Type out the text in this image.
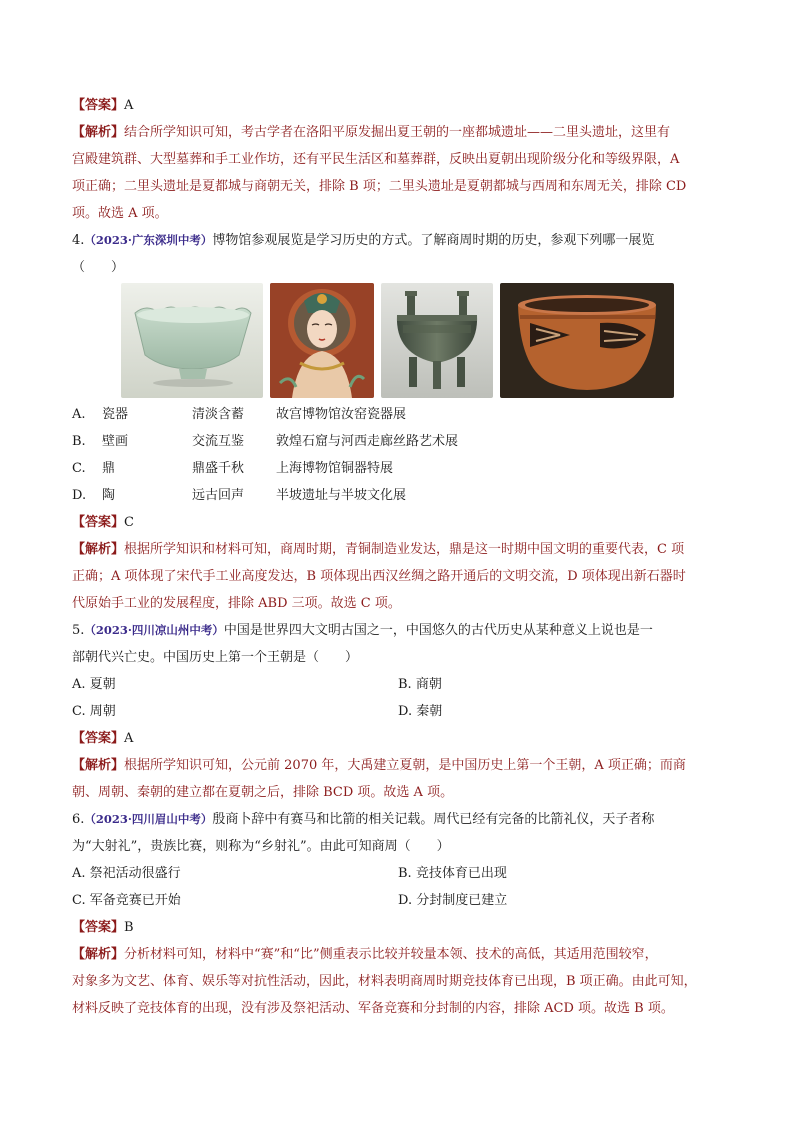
【答案】A

【解析】结合所学知识可知，考古学者在洛阳平原发掘出夏王朝的一座都城遗址——二里头遗址，这里有

宫殿建筑群、大型墓葬和手工业作坊，还有平民生活区和墓葬群，反映出夏朝出现阶级分化和等级界限，A

项正确；二里头遗址是夏都城与商朝无关，排除 B 项；二里头遗址是夏朝都城与西周和东周无关，排除 CD

项。故选 A 项。

4.（2023·广东深圳中考）博物馆参观展览是学习历史的方式。了解商周时期的历史，参观下列哪一展览

（　　）

A.	瓷器	清淡含蓄	故宫博物馆汝窑瓷器展
B.	壁画	交流互鉴	敦煌石窟与河西走廊丝路艺术展
C.	鼎	鼎盛千秋	上海博物馆铜器特展
D.	陶	远古回声	半坡遗址与半坡文化展

【答案】C

【解析】根据所学知识和材料可知，商周时期，青铜制造业发达，鼎是这一时期中国文明的重要代表，C 项

正确；A 项体现了宋代手工业高度发达，B 项体现出西汉丝绸之路开通后的文明交流，D 项体现出新石器时

代原始手工业的发展程度，排除 ABD 三项。故选 C 项。

5.（2023·四川凉山州中考）中国是世界四大文明古国之一，中国悠久的古代历史从某种意义上说也是一

部朝代兴亡史。中国历史上第一个王朝是（　　）

A. 夏朝	B. 商朝
C. 周朝	D. 秦朝

【答案】A

【解析】根据所学知识可知，公元前 2070 年，大禹建立夏朝，是中国历史上第一个王朝，A 项正确；而商

朝、周朝、秦朝的建立都在夏朝之后，排除 BCD 项。故选 A 项。

6.（2023·四川眉山中考）殷商卜辞中有赛马和比箭的相关记载。周代已经有完备的比箭礼仪，天子者称

为“大射礼”，贵族比赛，则称为“乡射礼”。由此可知商周（　　）

A. 祭祀活动很盛行	B. 竞技体育已出现
C. 军备竞赛已开始	D. 分封制度已建立

【答案】B

【解析】分析材料可知，材料中“赛”和“比”侧重表示比较并较量本领、技术的高低，其适用范围较窄，

对象多为文艺、体育、娱乐等对抗性活动，因此，材料表明商周时期竞技体育已出现，B 项正确。由此可知，

材料反映了竞技体育的出现，没有涉及祭祀活动、军备竞赛和分封制的内容，排除 ACD 项。故选 B 项。
